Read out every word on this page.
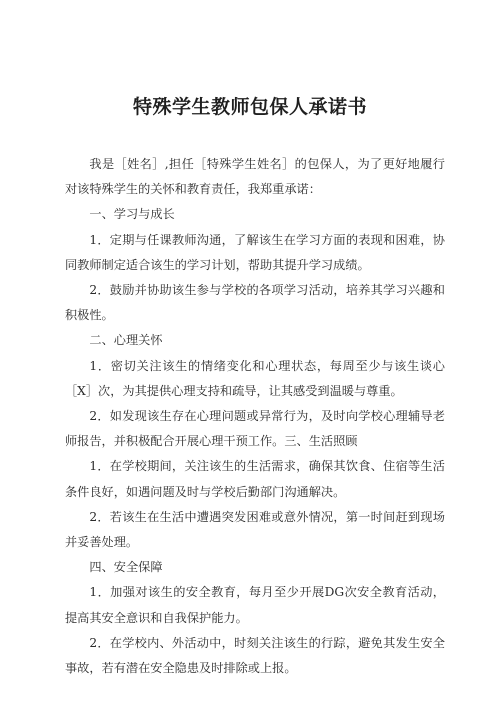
特殊学生教师包保人承诺书

我是［姓名］,担任［特殊学生姓名］的包保人，为了更好地履行对该特殊学生的关怀和教育责任，我郑重承诺：

一、学习与成长

1．定期与任课教师沟通，了解该生在学习方面的表现和困难，协同教师制定适合该生的学习计划，帮助其提升学习成绩。

2．鼓励并协助该生参与学校的各项学习活动，培养其学习兴趣和积极性。

二、心理关怀

1．密切关注该生的情绪变化和心理状态，每周至少与该生谈心［X］次，为其提供心理支持和疏导，让其感受到温暖与尊重。

2．如发现该生存在心理问题或异常行为，及时向学校心理辅导老师报告，并积极配合开展心理干预工作。三、生活照顾

1．在学校期间，关注该生的生活需求，确保其饮食、住宿等生活条件良好，如遇问题及时与学校后勤部门沟通解决。

2．若该生在生活中遭遇突发困难或意外情况，第一时间赶到现场并妥善处理。

四、安全保障

1．加强对该生的安全教育，每月至少开展DG次安全教育活动，提高其安全意识和自我保护能力。

2．在学校内、外活动中，时刻关注该生的行踪，避免其发生安全事故，若有潜在安全隐患及时排除或上报。
